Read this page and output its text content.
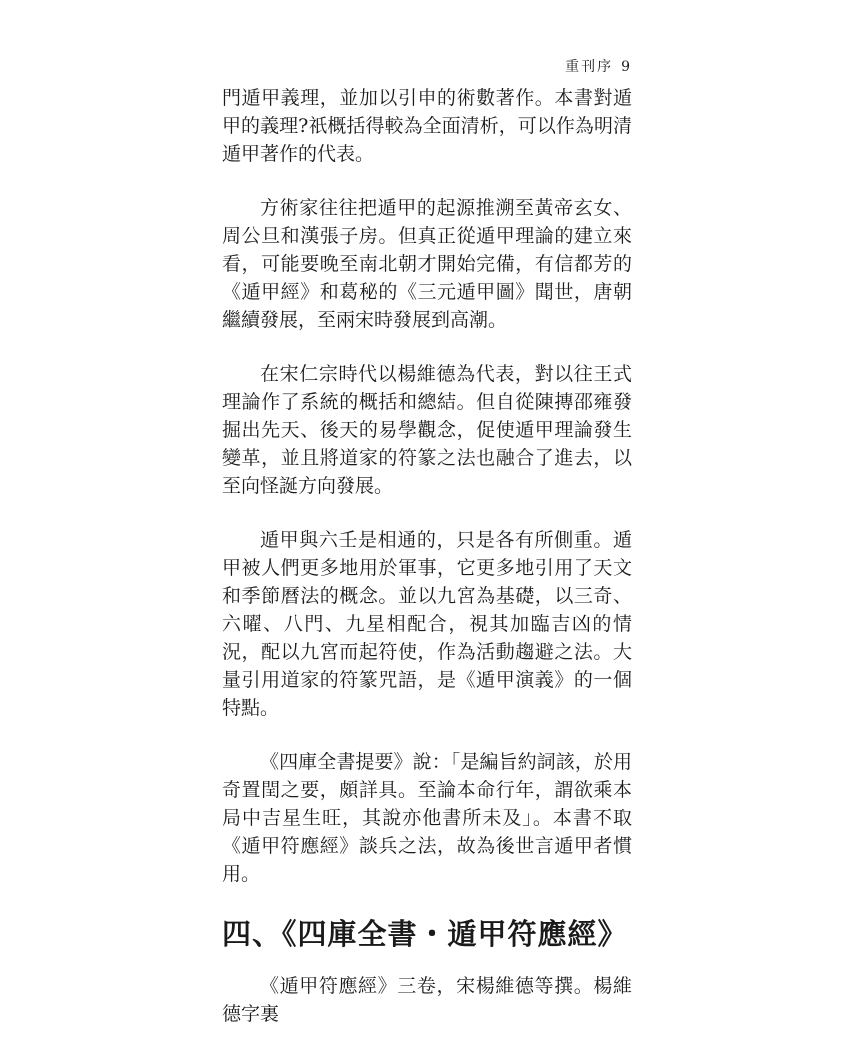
重刊序 9

門遁甲義理，並加以引申的術數著作。本書對遁甲的義理?祇概括得較為全面清析，可以作為明清遁甲著作的代表。

方術家往往把遁甲的起源推溯至黃帝玄女、周公旦和漢張子房。但真正從遁甲理論的建立來看，可能要晚至南北朝才開始完備，有信都芳的《遁甲經》和葛秘的《三元遁甲圖》聞世，唐朝繼續發展，至兩宋時發展到高潮。

在宋仁宗時代以楊維德為代表，對以往王式理論作了系統的概括和總結。但自從陳摶邵雍發掘出先天、後天的易學觀念，促使遁甲理論發生變革，並且將道家的符篆之法也融合了進去，以至向怪誕方向發展。

遁甲與六壬是相通的，只是各有所側重。遁甲被人們更多地用於軍事，它更多地引用了天文和季節曆法的概念。並以九宮為基礎，以三奇、六曜、八門、九星相配合，視其加臨吉凶的情況，配以九宮而起符使，作為活動趨避之法。大量引用道家的符篆咒語，是《遁甲演義》的一個特點。

《四庫全書提要》說：「是編旨約詞該，於用奇置閏之要，頗詳具。至論本命行年，謂欲乘本局中吉星生旺，其說亦他書所未及」。本書不取《遁甲符應經》談兵之法，故為後世言遁甲者慣用。

四、《四庫全書・遁甲符應經》

《遁甲符應經》三卷，宋楊維德等撰。楊維德字裏
